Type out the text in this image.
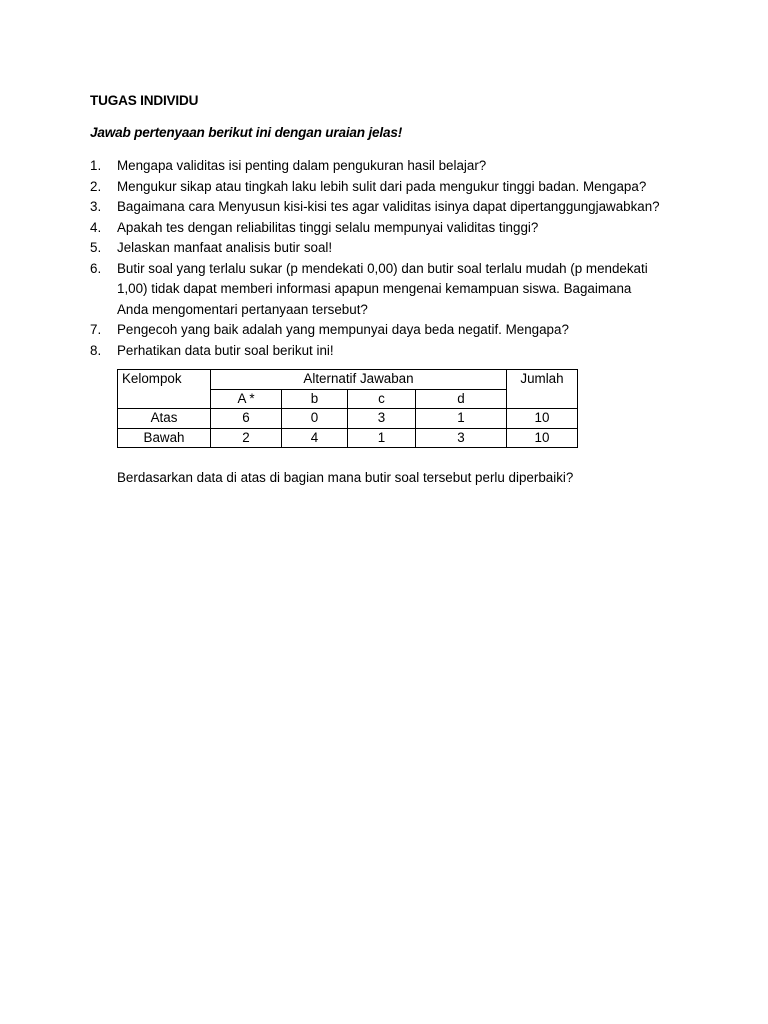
TUGAS INDIVIDU
Jawab pertenyaan berikut ini dengan uraian jelas!
1. Mengapa validitas isi penting dalam pengukuran hasil belajar?
2. Mengukur sikap atau tingkah laku lebih sulit dari pada mengukur tinggi badan. Mengapa?
3. Bagaimana cara Menyusun kisi-kisi tes agar validitas isinya dapat dipertanggungjawabkan?
4. Apakah tes dengan reliabilitas tinggi selalu mempunyai validitas tinggi?
5. Jelaskan manfaat analisis butir soal!
6. Butir soal yang terlalu sukar (p mendekati 0,00) dan butir soal terlalu mudah (p mendekati
1,00) tidak dapat memberi informasi apapun mengenai kemampuan siswa. Bagaimana
Anda mengomentari pertanyaan tersebut?
7. Pengecoh yang baik adalah yang mempunyai daya beda negatif. Mengapa?
8. Perhatikan data butir soal berikut ini!
Kelompok	Alternatif Jawaban				Jumlah
	A *	b	c	d	
Atas	6	0	3	1	10
Bawah	2	4	1	3	10
Berdasarkan data di atas di bagian mana butir soal tersebut perlu diperbaiki?
